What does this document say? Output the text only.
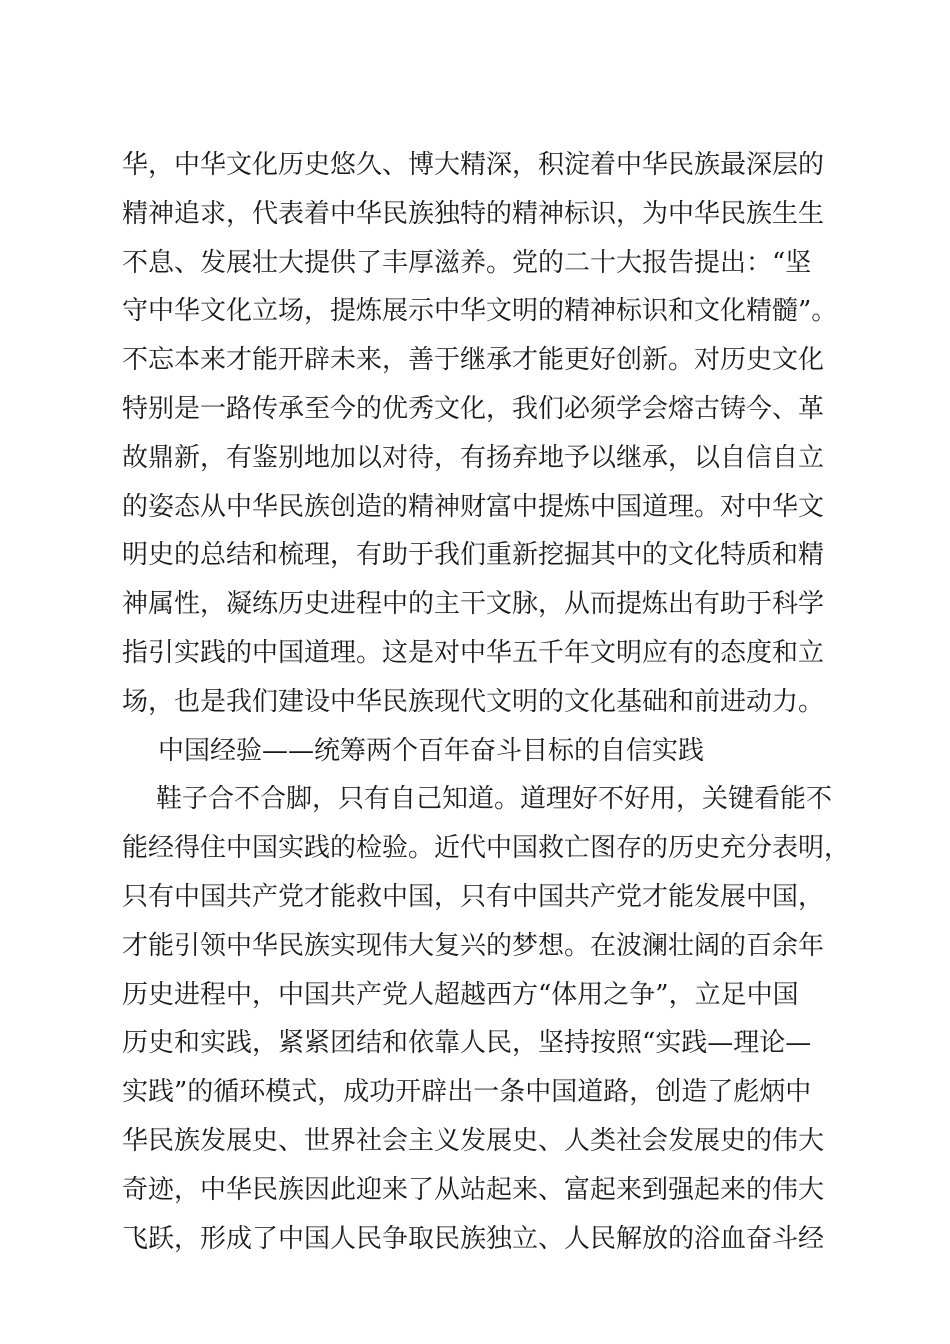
华，中华文化历史悠久、博大精深，积淀着中华民族最深层的
精神追求，代表着中华民族独特的精神标识，为中华民族生生
不息、发展壮大提供了丰厚滋养。党的二十大报告提出：“坚
守中华文化立场，提炼展示中华文明的精神标识和文化精髓”。
不忘本来才能开辟未来，善于继承才能更好创新。对历史文化
特别是一路传承至今的优秀文化，我们必须学会熔古铸今、革
故鼎新，有鉴别地加以对待，有扬弃地予以继承，以自信自立
的姿态从中华民族创造的精神财富中提炼中国道理。对中华文
明史的总结和梳理，有助于我们重新挖掘其中的文化特质和精
神属性，凝练历史进程中的主干文脉，从而提炼出有助于科学
指引实践的中国道理。这是对中华五千年文明应有的态度和立
场，也是我们建设中华民族现代文明的文化基础和前进动力。
中国经验——统筹两个百年奋斗目标的自信实践
鞋子合不合脚，只有自己知道。道理好不好用，关键看能不
能经得住中国实践的检验。近代中国救亡图存的历史充分表明，
只有中国共产党才能救中国，只有中国共产党才能发展中国，
才能引领中华民族实现伟大复兴的梦想。在波澜壮阔的百余年
历史进程中，中国共产党人超越西方“体用之争”，立足中国
历史和实践，紧紧团结和依靠人民，坚持按照“实践—理论—
实践”的循环模式，成功开辟出一条中国道路，创造了彪炳中
华民族发展史、世界社会主义发展史、人类社会发展史的伟大
奇迹，中华民族因此迎来了从站起来、富起来到强起来的伟大
飞跃，形成了中国人民争取民族独立、人民解放的浴血奋斗经
